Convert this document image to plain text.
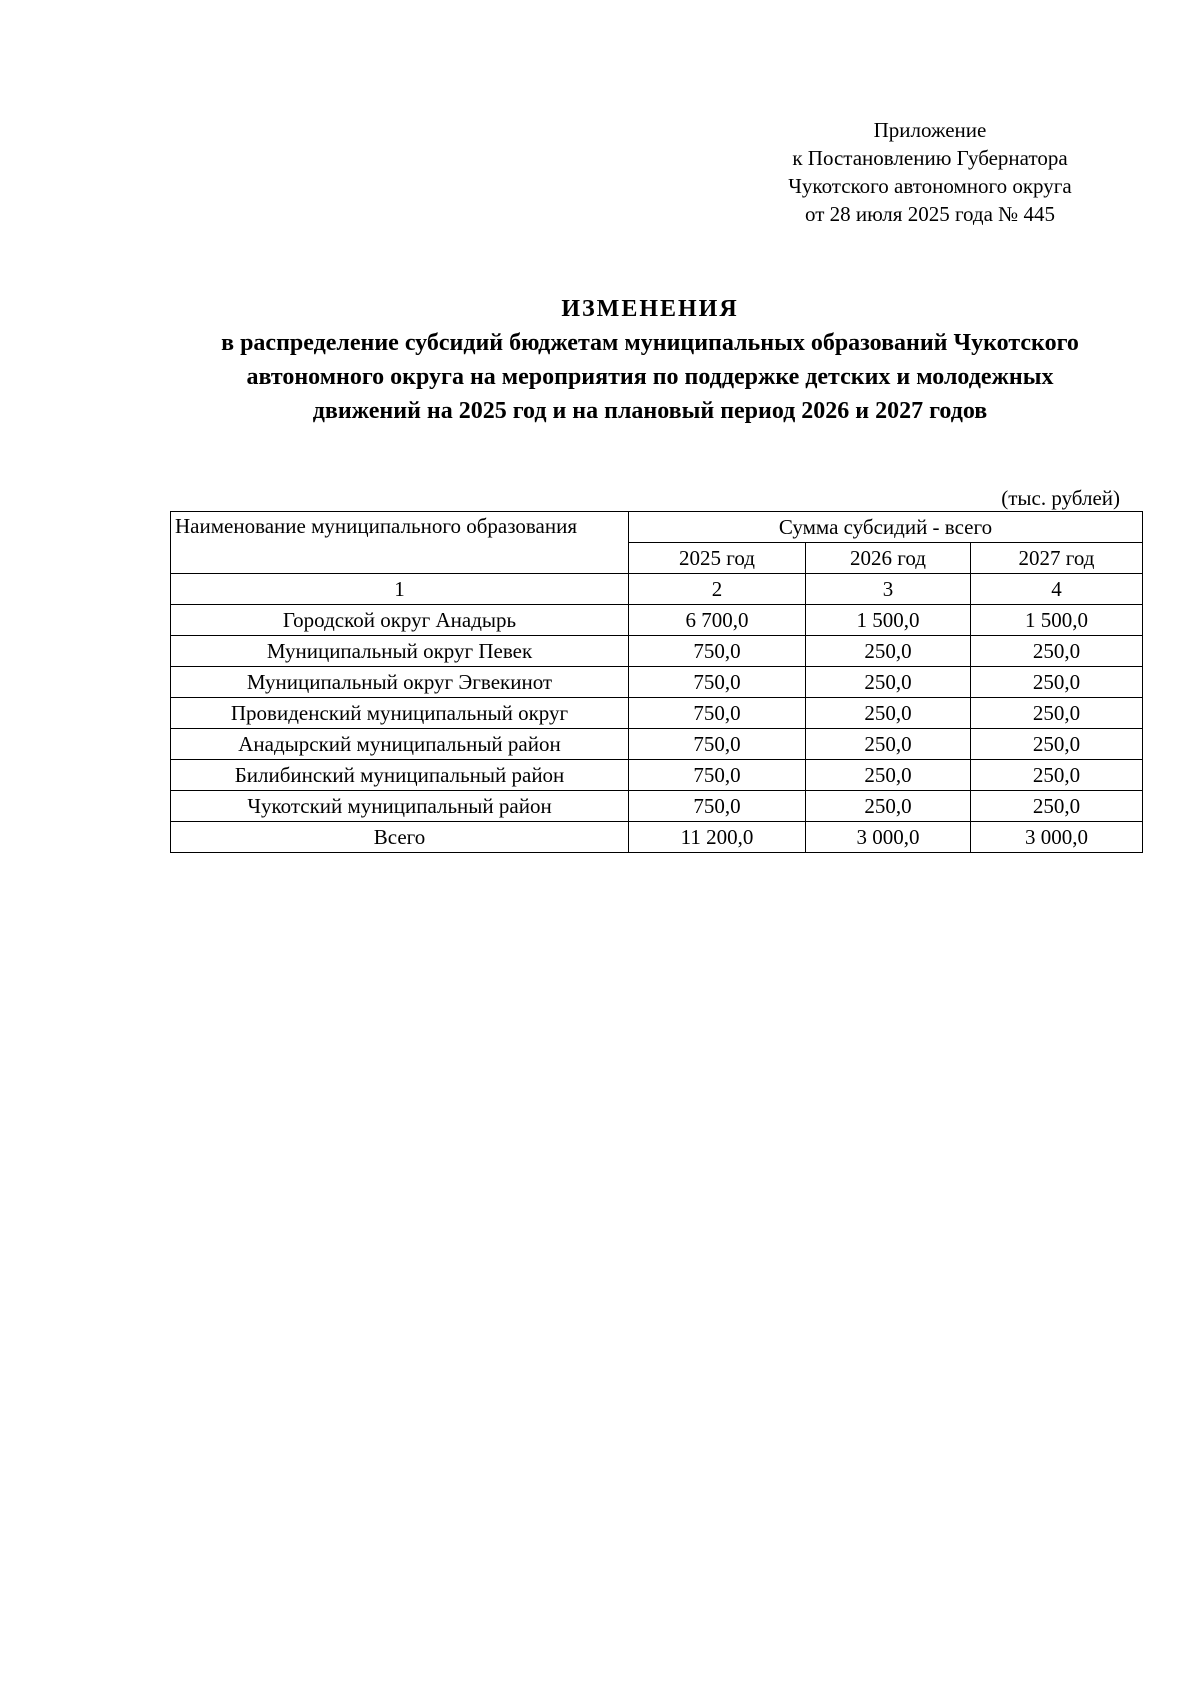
Приложение
к Постановлению Губернатора
Чукотского автономного округа
от 28 июля 2025 года № 445
ИЗМЕНЕНИЯ
в распределение субсидий бюджетам муниципальных образований Чукотского автономного округа на мероприятия по поддержке детских и молодежных движений на 2025 год и на плановый период 2026 и 2027 годов
(тыс. рублей)
Наименование муниципального образования	Сумма субсидий - всего		
	2025 год	2026 год	2027 год
1	2	3	4
Городской округ Анадырь	6 700,0	1 500,0	1 500,0
Муниципальный округ Певек	750,0	250,0	250,0
Муниципальный округ Эгвекинот	750,0	250,0	250,0
Провиденский муниципальный округ	750,0	250,0	250,0
Анадырский муниципальный район	750,0	250,0	250,0
Билибинский муниципальный район	750,0	250,0	250,0
Чукотский муниципальный район	750,0	250,0	250,0
Всего	11 200,0	3 000,0	3 000,0
